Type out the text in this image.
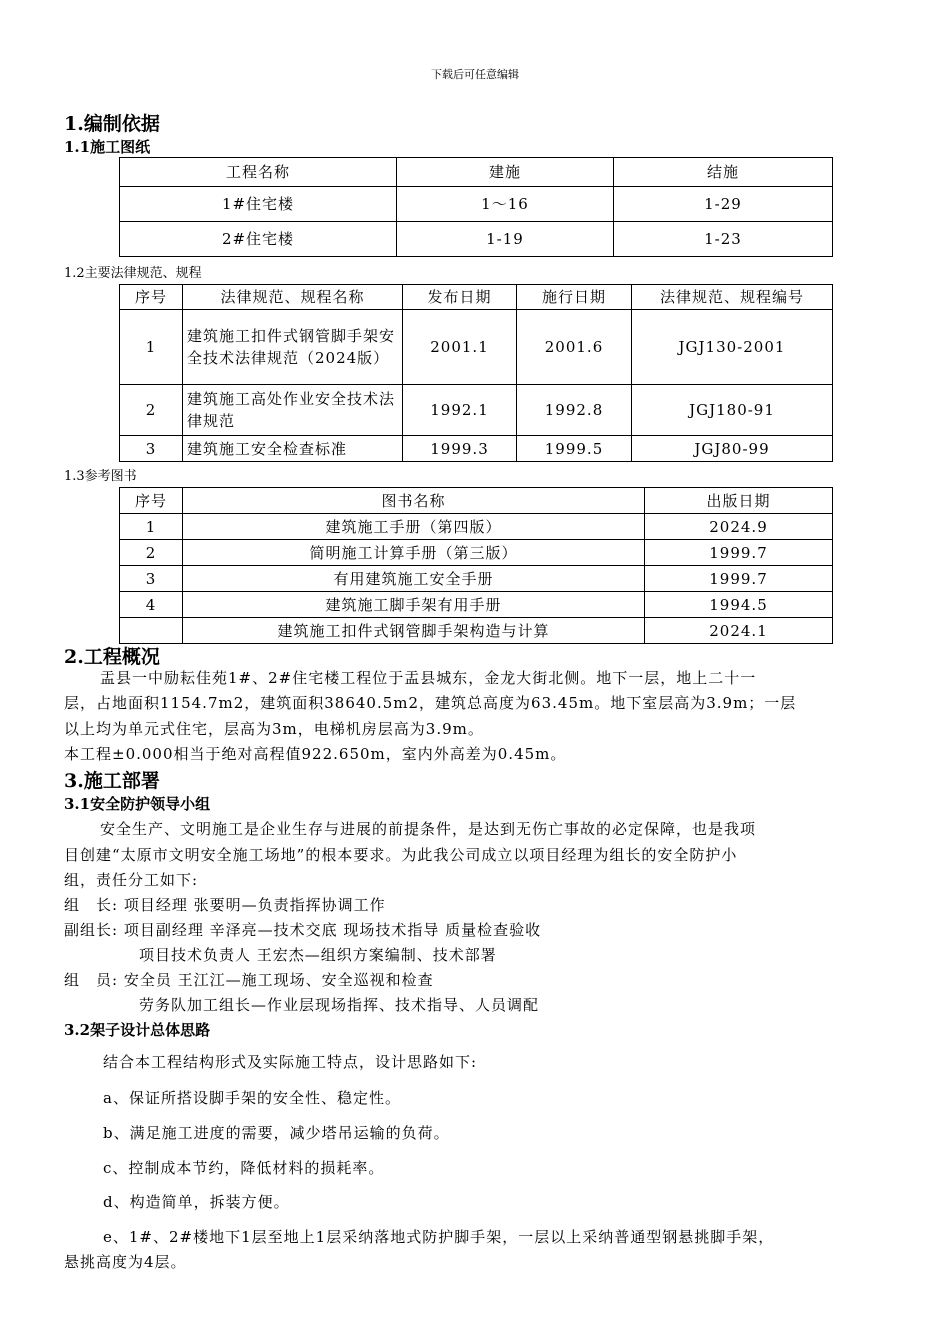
下载后可任意编辑
1.编制依据
1.1施工图纸
工程名称	建施	结施
1#住宅楼	1～16	1-29
2#住宅楼	1-19	1-23
1.2主要法律规范、规程
序号	法律规范、规程名称	发布日期	施行日期	法律规范、规程编号
1	建筑施工扣件式钢管脚手架安全技术法律规范（2024版）	2001.1	2001.6	JGJ130-2001
2	建筑施工高处作业安全技术法律规范	1992.1	1992.8	JGJ180-91
3	建筑施工安全检查标准	1999.3	1999.5	JGJ80-99
1.3参考图书
序号	图书名称	出版日期
1	建筑施工手册（第四版）	2024.9
2	简明施工计算手册（第三版）	1999.7
3	有用建筑施工安全手册	1999.7
4	建筑施工脚手架有用手册	1994.5
	建筑施工扣件式钢管脚手架构造与计算	2024.1
2.工程概况
盂县一中励耘佳苑1#、2#住宅楼工程位于盂县城东，金龙大街北侧。地下一层，地上二十一
层，占地面积1154.7m2，建筑面积38640.5m2，建筑总高度为63.45m。地下室层高为3.9m；一层
以上均为单元式住宅，层高为3m，电梯机房层高为3.9m。
本工程±0.000相当于绝对高程值922.650m，室内外高差为0.45m。
3.施工部署
3.1安全防护领导小组
安全生产、文明施工是企业生存与进展的前提条件，是达到无伤亡事故的必定保障，也是我项
目创建“太原市文明安全施工场地”的根本要求。为此我公司成立以项目经理为组长的安全防护小
组，责任分工如下:
组　长: 项目经理 张要明—负责指挥协调工作
副组长: 项目副经理 辛泽亮—技术交底 现场技术指导 质量检查验收
项目技术负责人 王宏杰—组织方案编制、技术部署
组　员: 安全员 王江江—施工现场、安全巡视和检查
劳务队加工组长—作业层现场指挥、技术指导、人员调配
3.2架子设计总体思路
结合本工程结构形式及实际施工特点，设计思路如下:
a、保证所搭设脚手架的安全性、稳定性。
b、满足施工进度的需要，减少塔吊运输的负荷。
c、控制成本节约，降低材料的损耗率。
d、构造简单，拆装方便。
e、1#、2#楼地下1层至地上1层采纳落地式防护脚手架，一层以上采纳普通型钢悬挑脚手架，
悬挑高度为4层。
